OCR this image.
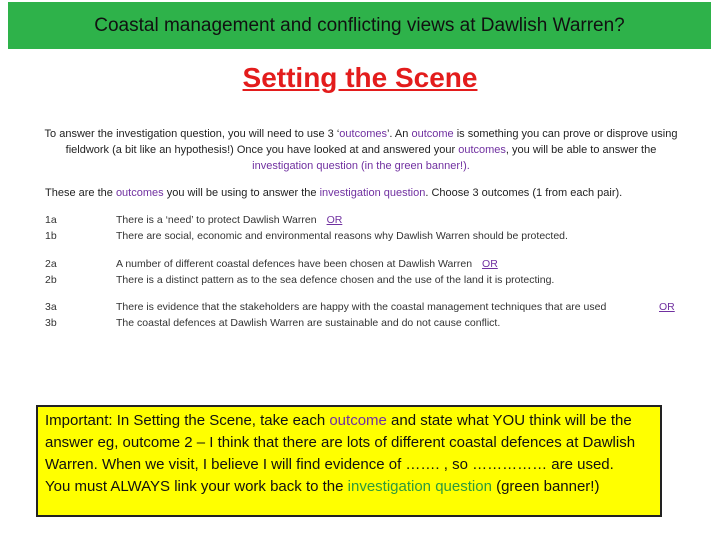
Coastal management and conflicting views at Dawlish Warren?
Setting the Scene
To answer the investigation question, you will need to use 3 ‘outcomes’. An outcome is something you can prove or disprove using fieldwork (a bit like an hypothesis!) Once you have looked at and answered your outcomes, you will be able to answer the investigation question (in the green banner!).
These are the outcomes you will be using to answer the investigation question. Choose 3 outcomes (1 from each pair).
1a
1b
There is a ‘need’ to protect Dawlish Warren OR
There are social, economic and environmental reasons why Dawlish Warren should be protected.
2a
2b
A number of different coastal defences have been chosen at Dawlish Warren OR
There is a distinct pattern as to the sea defence chosen and the use of the land it is protecting.
3a
3b
There is evidence that the stakeholders are happy with the coastal management techniques that are used
The coastal defences at Dawlish Warren are sustainable and do not cause conflict.
OR
Important: In Setting the Scene, take each outcome and state what YOU think will be the answer eg, outcome 2 – I think that there are lots of different coastal defences at Dawlish Warren. When we visit, I believe I will find evidence of ……. , so …………… are used.
You must ALWAYS link your work back to the investigation question (green banner!)
